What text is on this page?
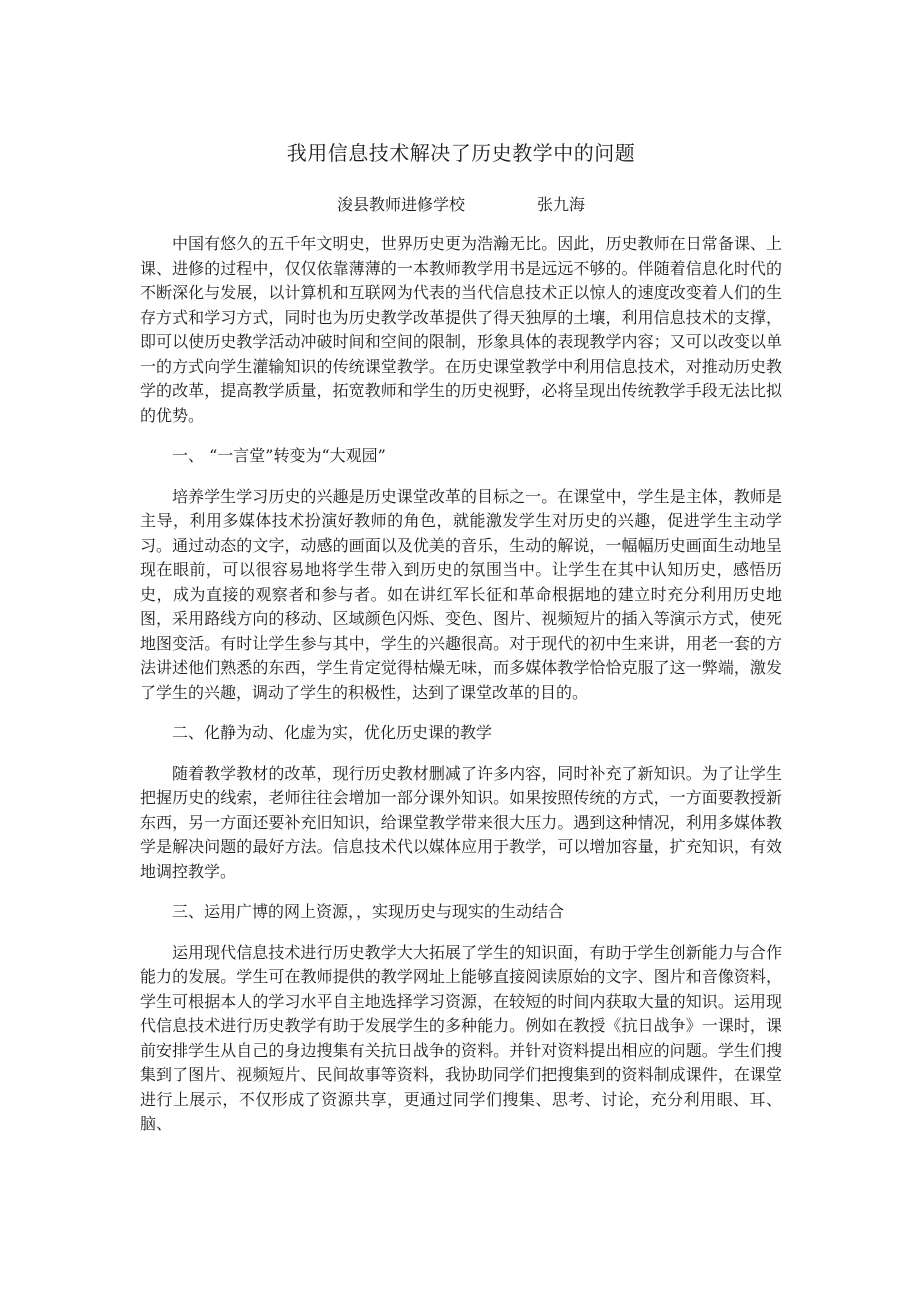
我用信息技术解决了历史教学中的问题
浚县教师进修学校	张九海

中国有悠久的五千年文明史，世界历史更为浩瀚无比。因此，历史教师在日常备课、上课、进修的过程中，仅仅依靠薄薄的一本教师教学用书是远远不够的。伴随着信息化时代的不断深化与发展，以计算机和互联网为代表的当代信息技术正以惊人的速度改变着人们的生存方式和学习方式，同时也为历史教学改革提供了得天独厚的土壤，利用信息技术的支撑，即可以使历史教学活动冲破时间和空间的限制，形象具体的表现教学内容；又可以改变以单一的方式向学生灌输知识的传统课堂教学。在历史课堂教学中利用信息技术，对推动历史教学的改革，提高教学质量，拓宽教师和学生的历史视野，必将呈现出传统教学手段无法比拟的优势。

一、 “一言堂”转变为“大观园”

培养学生学习历史的兴趣是历史课堂改革的目标之一。在课堂中，学生是主体，教师是主导，利用多媒体技术扮演好教师的角色，就能激发学生对历史的兴趣，促进学生主动学习。通过动态的文字，动感的画面以及优美的音乐，生动的解说，一幅幅历史画面生动地呈现在眼前，可以很容易地将学生带入到历史的氛围当中。让学生在其中认知历史，感悟历史，成为直接的观察者和参与者。如在讲红军长征和革命根据地的建立时充分利用历史地图，采用路线方向的移动、区域颜色闪烁、变色、图片、视频短片的插入等演示方式，使死地图变活。有时让学生参与其中，学生的兴趣很高。对于现代的初中生来讲，用老一套的方法讲述他们熟悉的东西，学生肯定觉得枯燥无味，而多媒体教学恰恰克服了这一弊端，激发了学生的兴趣，调动了学生的积极性，达到了课堂改革的目的。

二、化静为动、化虚为实，优化历史课的教学

随着教学教材的改革，现行历史教材删减了许多内容，同时补充了新知识。为了让学生把握历史的线索，老师往往会增加一部分课外知识。如果按照传统的方式，一方面要教授新东西，另一方面还要补充旧知识，给课堂教学带来很大压力。遇到这种情况，利用多媒体教学是解决问题的最好方法。信息技术代以媒体应用于教学，可以增加容量，扩充知识，有效地调控教学。

三、运用广博的网上资源，，实现历史与现实的生动结合

运用现代信息技术进行历史教学大大拓展了学生的知识面，有助于学生创新能力与合作能力的发展。学生可在教师提供的教学网址上能够直接阅读原始的文字、图片和音像资料，学生可根据本人的学习水平自主地选择学习资源，在较短的时间内获取大量的知识。运用现代信息技术进行历史教学有助于发展学生的多种能力。例如在教授《抗日战争》一课时，课前安排学生从自己的身边搜集有关抗日战争的资料。并针对资料提出相应的问题。学生们搜集到了图片、视频短片、民间故事等资料，我协助同学们把搜集到的资料制成课件，在课堂进行上展示，不仅形成了资源共享，更通过同学们搜集、思考、讨论，充分利用眼、耳、脑、
